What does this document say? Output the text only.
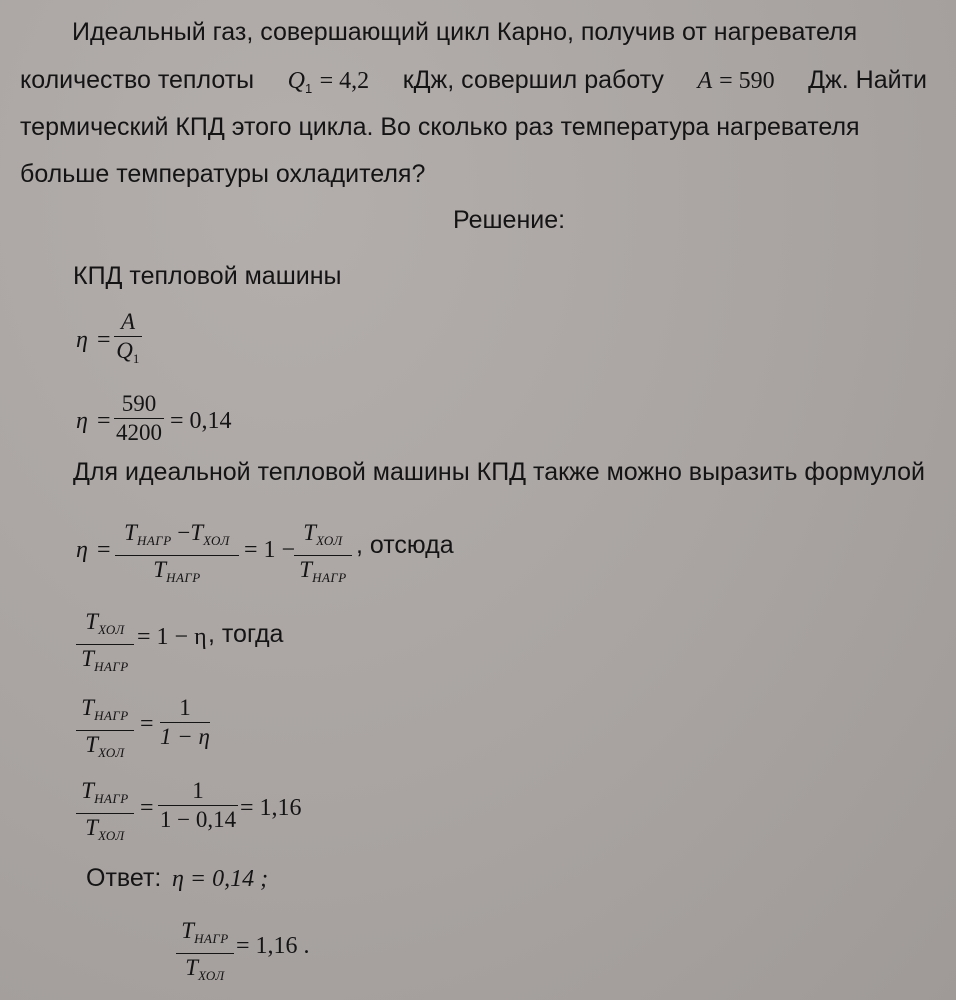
Идеальный газ, совершающий цикл Карно, получив от нагревателя
количество теплоты $Q_1 = 4,2$ кДж, совершил работу A = 590 Дж. Найти
термический КПД этого цикла. Во сколько раз температура нагревателя
больше температуры охладителя?
Решение:
КПД тепловой машины
η =
A
$Q_1$
η =
590
4200 = 0,14
Для идеальной тепловой машины КПД также можно выразить формулой
η =
$T_{НАГР} -T_{ХОЛ}$
$T_{НАГР}$
= 1 −
$T_{ХОЛ}$
$T_{НАГР}$
, отсюда
$T_{ХОЛ}$
$T_{НАГР}$
= 1 − η , тогда
$T_{НАГР}$
$T_{ХОЛ}$
=
1
1 − η
$T_{НАГР}$
$T_{ХОЛ}$
=
1
1 − 0,14 = 1,16
Ответ: η = 0,14 ;
$T_{НАГР}$
$T_{ХОЛ}$
= 1,16 .
